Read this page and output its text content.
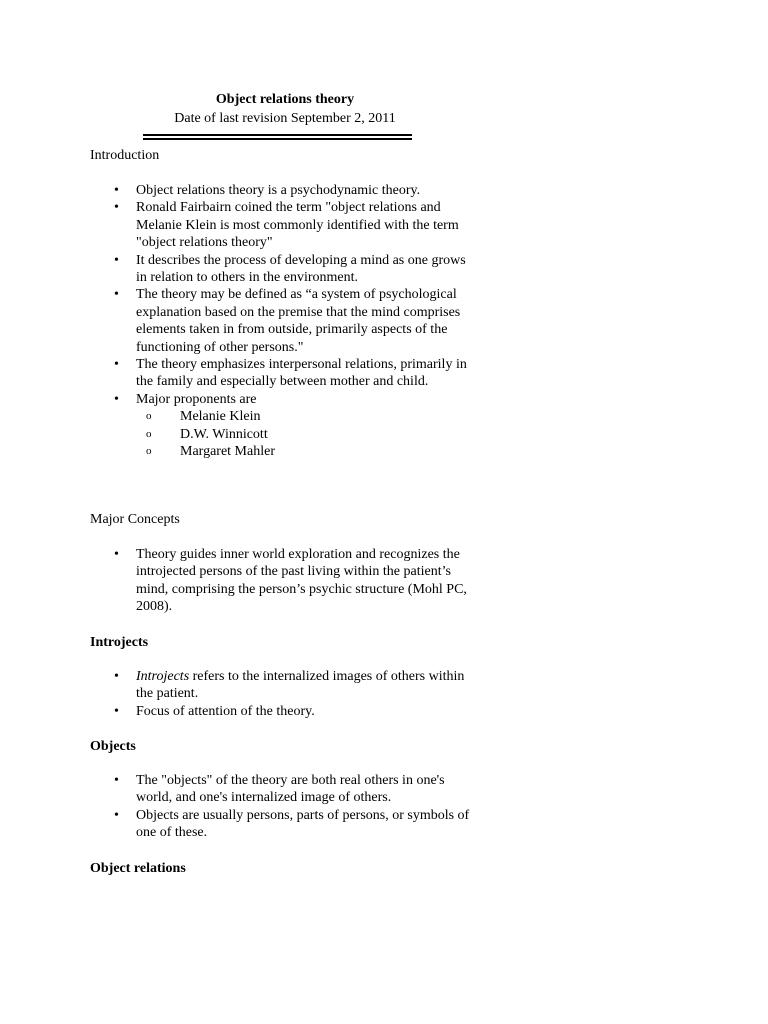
Object relations theory
Date of last revision September 2, 2011
Introduction
• Object relations theory is a psychodynamic theory.
• Ronald Fairbairn coined the term "object relations and Melanie Klein is most commonly identified with the term "object relations theory"
• It describes the process of developing a mind as one grows in relation to others in the environment.
• The theory may be defined as “a system of psychological explanation based on the premise that the mind comprises elements taken in from outside, primarily aspects of the functioning of other persons."
• The theory emphasizes interpersonal relations, primarily in the family and especially between mother and child.
• Major proponents are
o Melanie Klein
o D.W. Winnicott
o Margaret Mahler
Major Concepts
• Theory guides inner world exploration and recognizes the introjected persons of the past living within the patient’s mind, comprising the person’s psychic structure (Mohl PC, 2008).
Introjects
• Introjects refers to the internalized images of others within the patient.
• Focus of attention of the theory.
Objects
• The "objects" of the theory are both real others in one's world, and one's internalized image of others.
• Objects are usually persons, parts of persons, or symbols of one of these.
Object relations
